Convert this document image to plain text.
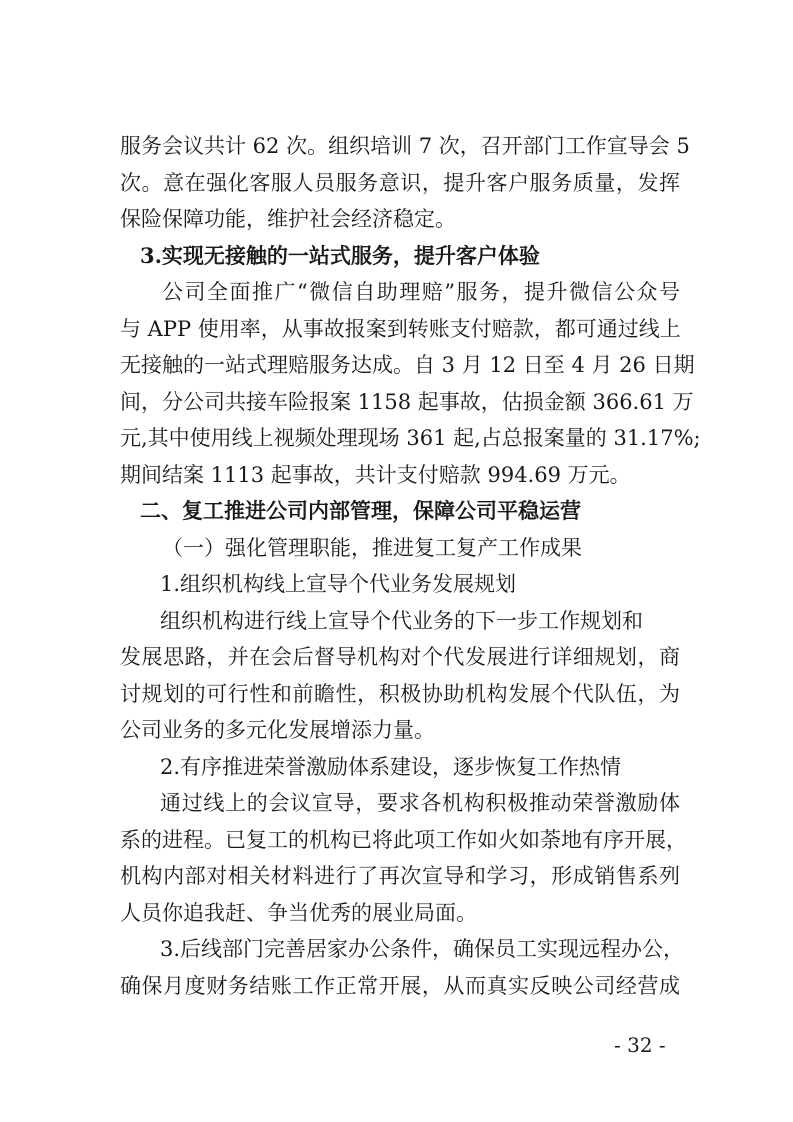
服务会议共计 62 次。组织培训 7 次，召开部门工作宣导会 5
次。意在强化客服人员服务意识，提升客户服务质量，发挥
保险保障功能，维护社会经济稳定。
3.实现无接触的一站式服务，提升客户体验
公司全面推广“微信自助理赔”服务，提升微信公众号
与 APP 使用率，从事故报案到转账支付赔款，都可通过线上
无接触的一站式理赔服务达成。自 3 月 12 日至 4 月 26 日期
间，分公司共接车险报案 1158 起事故，估损金额 366.61 万
元,其中使用线上视频处理现场 361 起,占总报案量的 31.17%;
期间结案 1113 起事故，共计支付赔款 994.69 万元。
二、复工推进公司内部管理，保障公司平稳运营
（一）强化管理职能，推进复工复产工作成果
1.组织机构线上宣导个代业务发展规划
组织机构进行线上宣导个代业务的下一步工作规划和
发展思路，并在会后督导机构对个代发展进行详细规划，商
讨规划的可行性和前瞻性，积极协助机构发展个代队伍，为
公司业务的多元化发展增添力量。
2.有序推进荣誉激励体系建设，逐步恢复工作热情
通过线上的会议宣导，要求各机构积极推动荣誉激励体
系的进程。已复工的机构已将此项工作如火如荼地有序开展，
机构内部对相关材料进行了再次宣导和学习，形成销售系列
人员你追我赶、争当优秀的展业局面。
3.后线部门完善居家办公条件，确保员工实现远程办公，
确保月度财务结账工作正常开展，从而真实反映公司经营成
- 32 -
